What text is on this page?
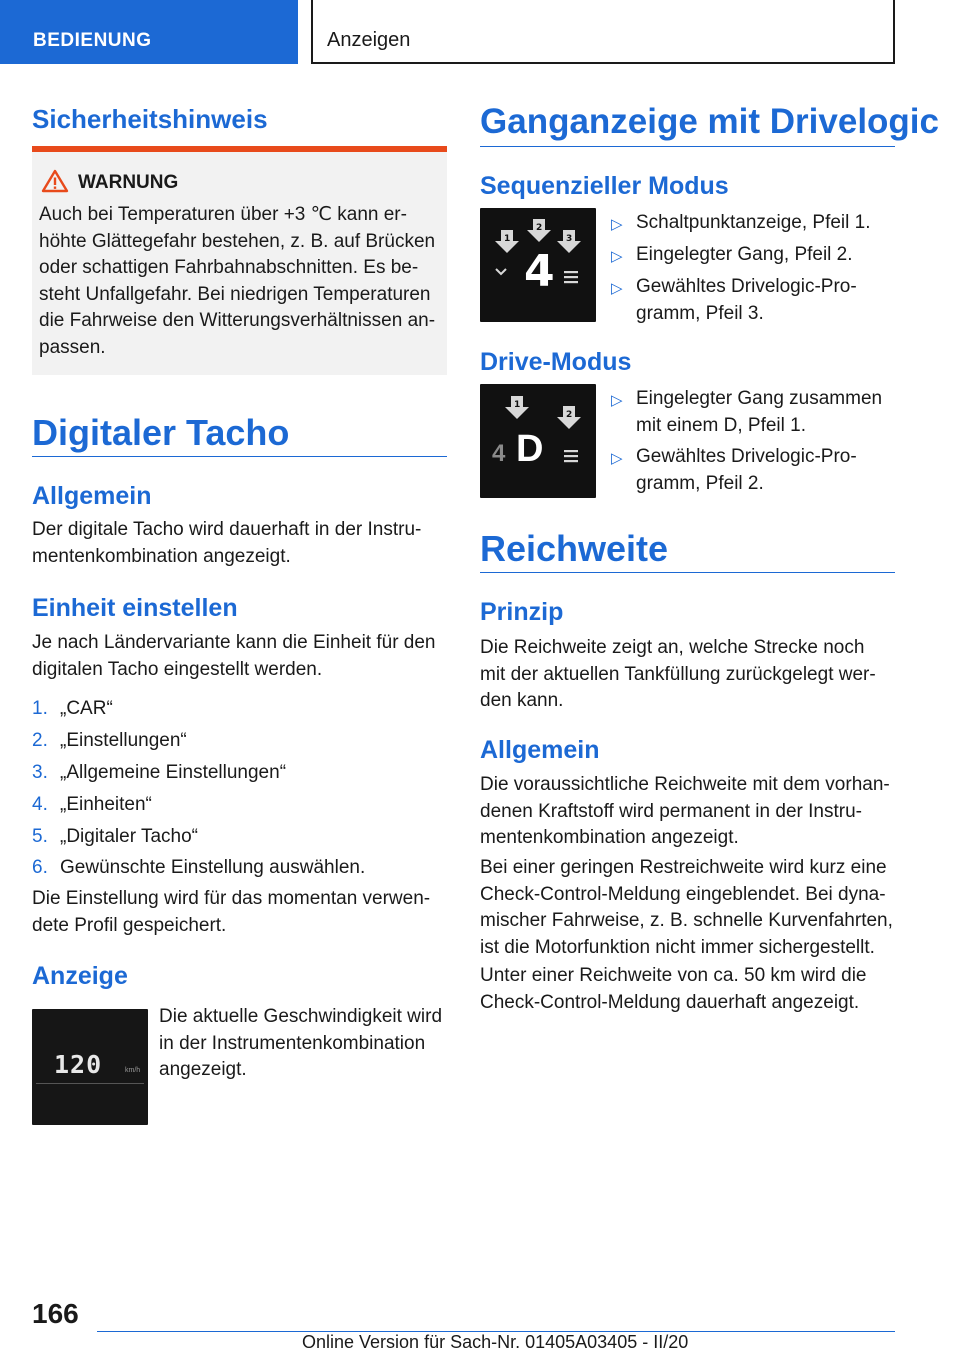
BEDIENUNG	Anzeigen
Sicherheitshinweis
WARNUNG
Auch bei Temperaturen über +3 ℃ kann er-
höhte Glättegefahr bestehen, z. B. auf Brücken
oder schattigen Fahrbahnabschnitten. Es be-
steht Unfallgefahr. Bei niedrigen Temperaturen
die Fahrweise den Witterungsverhältnissen an-
passen.
Digitaler Tacho
Allgemein
Der digitale Tacho wird dauerhaft in der Instru-
mentenkombination angezeigt.
Einheit einstellen
Je nach Ländervariante kann die Einheit für den
digitalen Tacho eingestellt werden.
1. „CAR“
2. „Einstellungen“
3. „Allgemeine Einstellungen“
4. „Einheiten“
5. „Digitaler Tacho“
6. Gewünschte Einstellung auswählen.
Die Einstellung wird für das momentan verwen-
dete Profil gespeichert.
Anzeige
120	km/h
Die aktuelle Geschwindigkeit wird
in der Instrumentenkombination
angezeigt.
Ganganzeige mit Drivelogic
Sequenzieller Modus
1
2
3
4
▷ Schaltpunktanzeige, Pfeil 1.
▷ Eingelegter Gang, Pfeil 2.
▷ Gewähltes Drivelogic-Pro-
gramm, Pfeil 3.
Drive-Modus
1
2
4 D
▷ Eingelegter Gang zusammen
mit einem D, Pfeil 1.
▷ Gewähltes Drivelogic-Pro-
gramm, Pfeil 2.
Reichweite
Prinzip
Die Reichweite zeigt an, welche Strecke noch
mit der aktuellen Tankfüllung zurückgelegt wer-
den kann.
Allgemein
Die voraussichtliche Reichweite mit dem vorhan-
denen Kraftstoff wird permanent in der Instru-
mentenkombination angezeigt.
Bei einer geringen Restreichweite wird kurz eine
Check-Control-Meldung eingeblendet. Bei dyna-
mischer Fahrweise, z. B. schnelle Kurvenfahrten,
ist die Motorfunktion nicht immer sichergestellt.
Unter einer Reichweite von ca. 50 km wird die
Check-Control-Meldung dauerhaft angezeigt.
166
Online Version für Sach-Nr. 01405A03405 - II/20
